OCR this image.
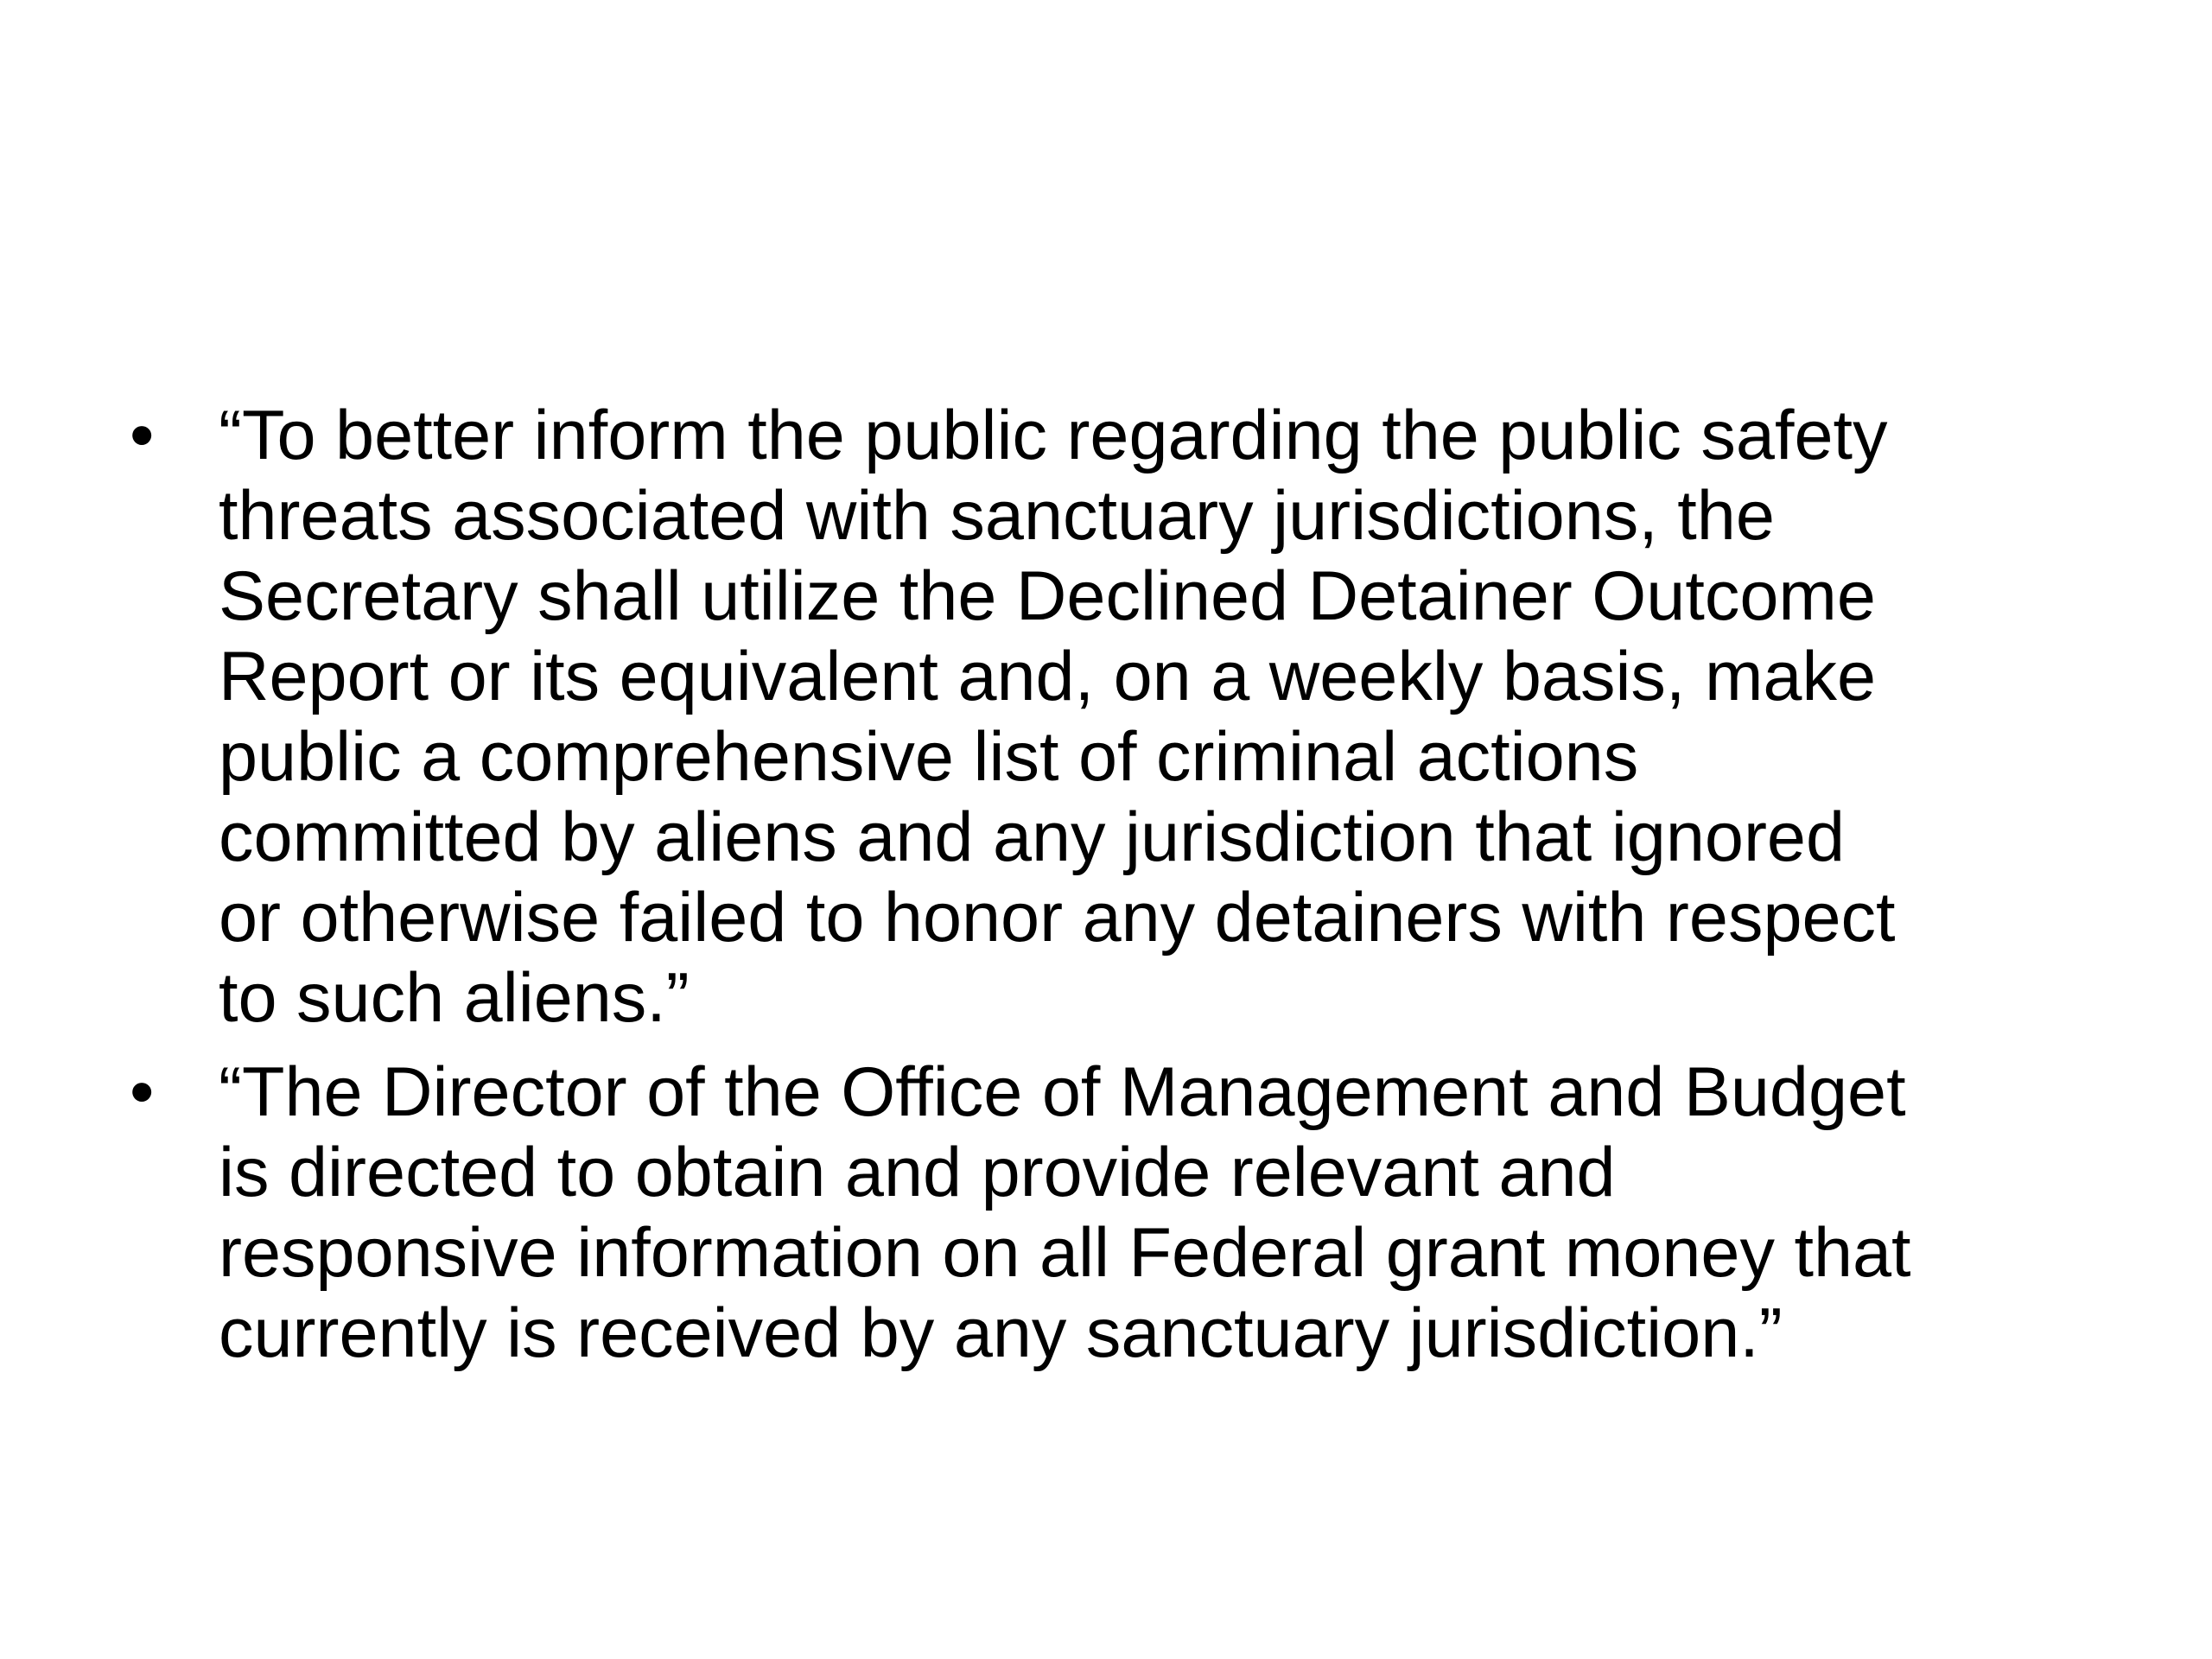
• “To better inform the public regarding the public safety
threats associated with sanctuary jurisdictions, the
Secretary shall utilize the Declined Detainer Outcome
Report or its equivalent and, on a weekly basis, make
public a comprehensive list of criminal actions
committed by aliens and any jurisdiction that ignored
or otherwise failed to honor any detainers with respect
to such aliens.”
• “The Director of the Office of Management and Budget
is directed to obtain and provide relevant and
responsive information on all Federal grant money that
currently is received by any sanctuary jurisdiction.”
